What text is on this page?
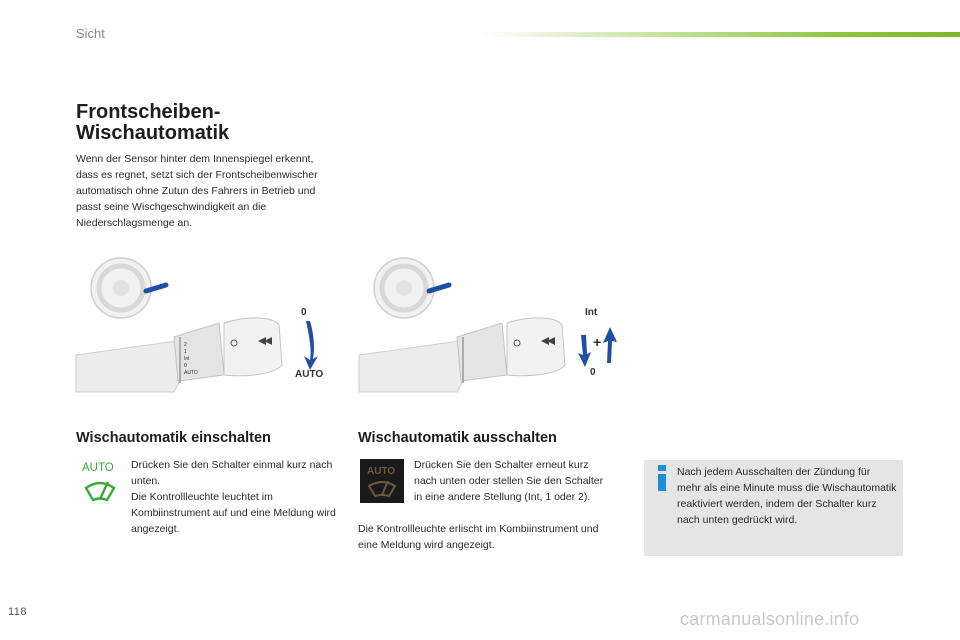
Sicht
Frontscheiben-
Wischautomatik

Wenn der Sensor hinter dem Innenspiegel erkennt, dass es regnet, setzt sich der Frontscheibenwischer automatisch ohne Zutun des Fahrers in Betrieb und passt seine Wischgeschwindigkeit an die Niederschlagsmenge an.

2
1
Int
0
AUTO
0
AUTO
Int
+
0
Wischautomatik einschalten	Wischautomatik ausschalten
AUTO Drücken Sie den Schalter einmal kurz nach unten.
Die Kontrollleuchte leuchtet im Kombiinstrument auf und eine Meldung wird angezeigt.

AUTO

Drücken Sie den Schalter erneut kurz nach unten oder stellen Sie den Schalter in eine andere Stellung (Int, 1 oder 2).

Die Kontrollleuchte erlischt im Kombiinstrument und eine Meldung wird angezeigt.

Nach jedem Ausschalten der Zündung für mehr als eine Minute muss die Wischautomatik reaktiviert werden, indem der Schalter kurz nach unten gedrückt wird.

118	carmanualsonline.info
